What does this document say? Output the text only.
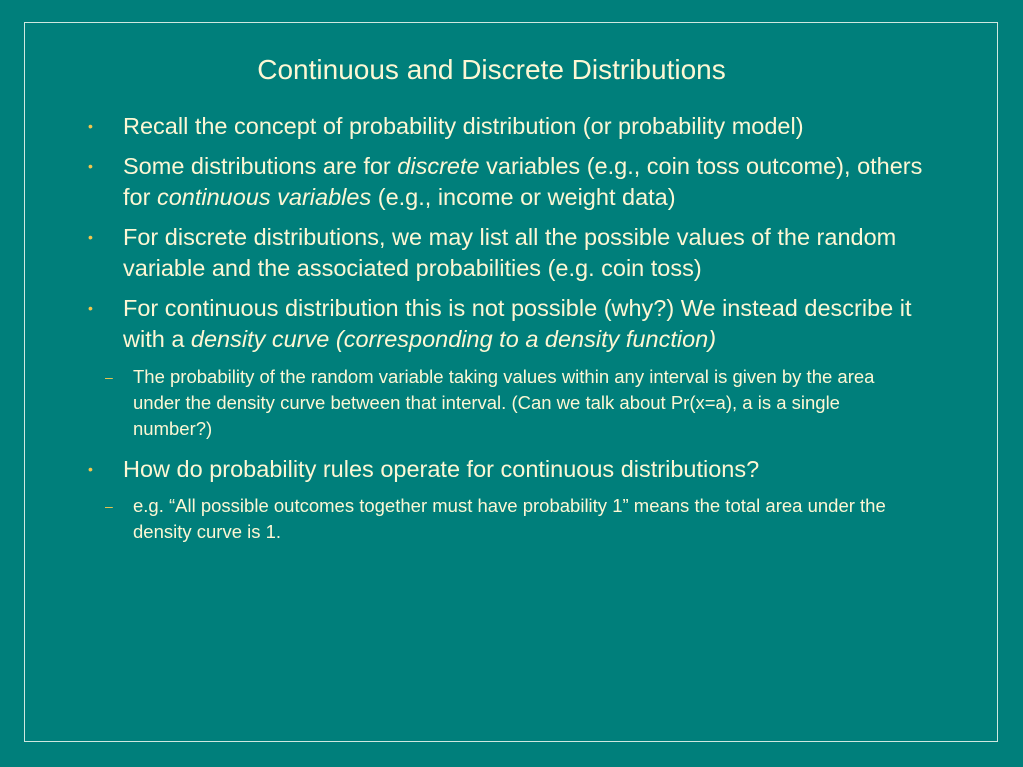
Continuous and Discrete Distributions
• Recall the concept of probability distribution (or probability model)
• Some distributions are for discrete variables (e.g., coin toss outcome), others for continuous variables (e.g., income or weight data)
• For discrete distributions, we may list all the possible values of the random variable and the associated probabilities (e.g. coin toss)
• For continuous distribution this is not possible (why?) We instead describe it with a density curve (corresponding to a density function)
– The probability of the random variable taking values within any interval is given by the area under the density curve between that interval. (Can we talk about Pr(x=a), a is a single number?)
• How do probability rules operate for continuous distributions?
– e.g. “All possible outcomes together must have probability 1” means the total area under the density curve is 1.
